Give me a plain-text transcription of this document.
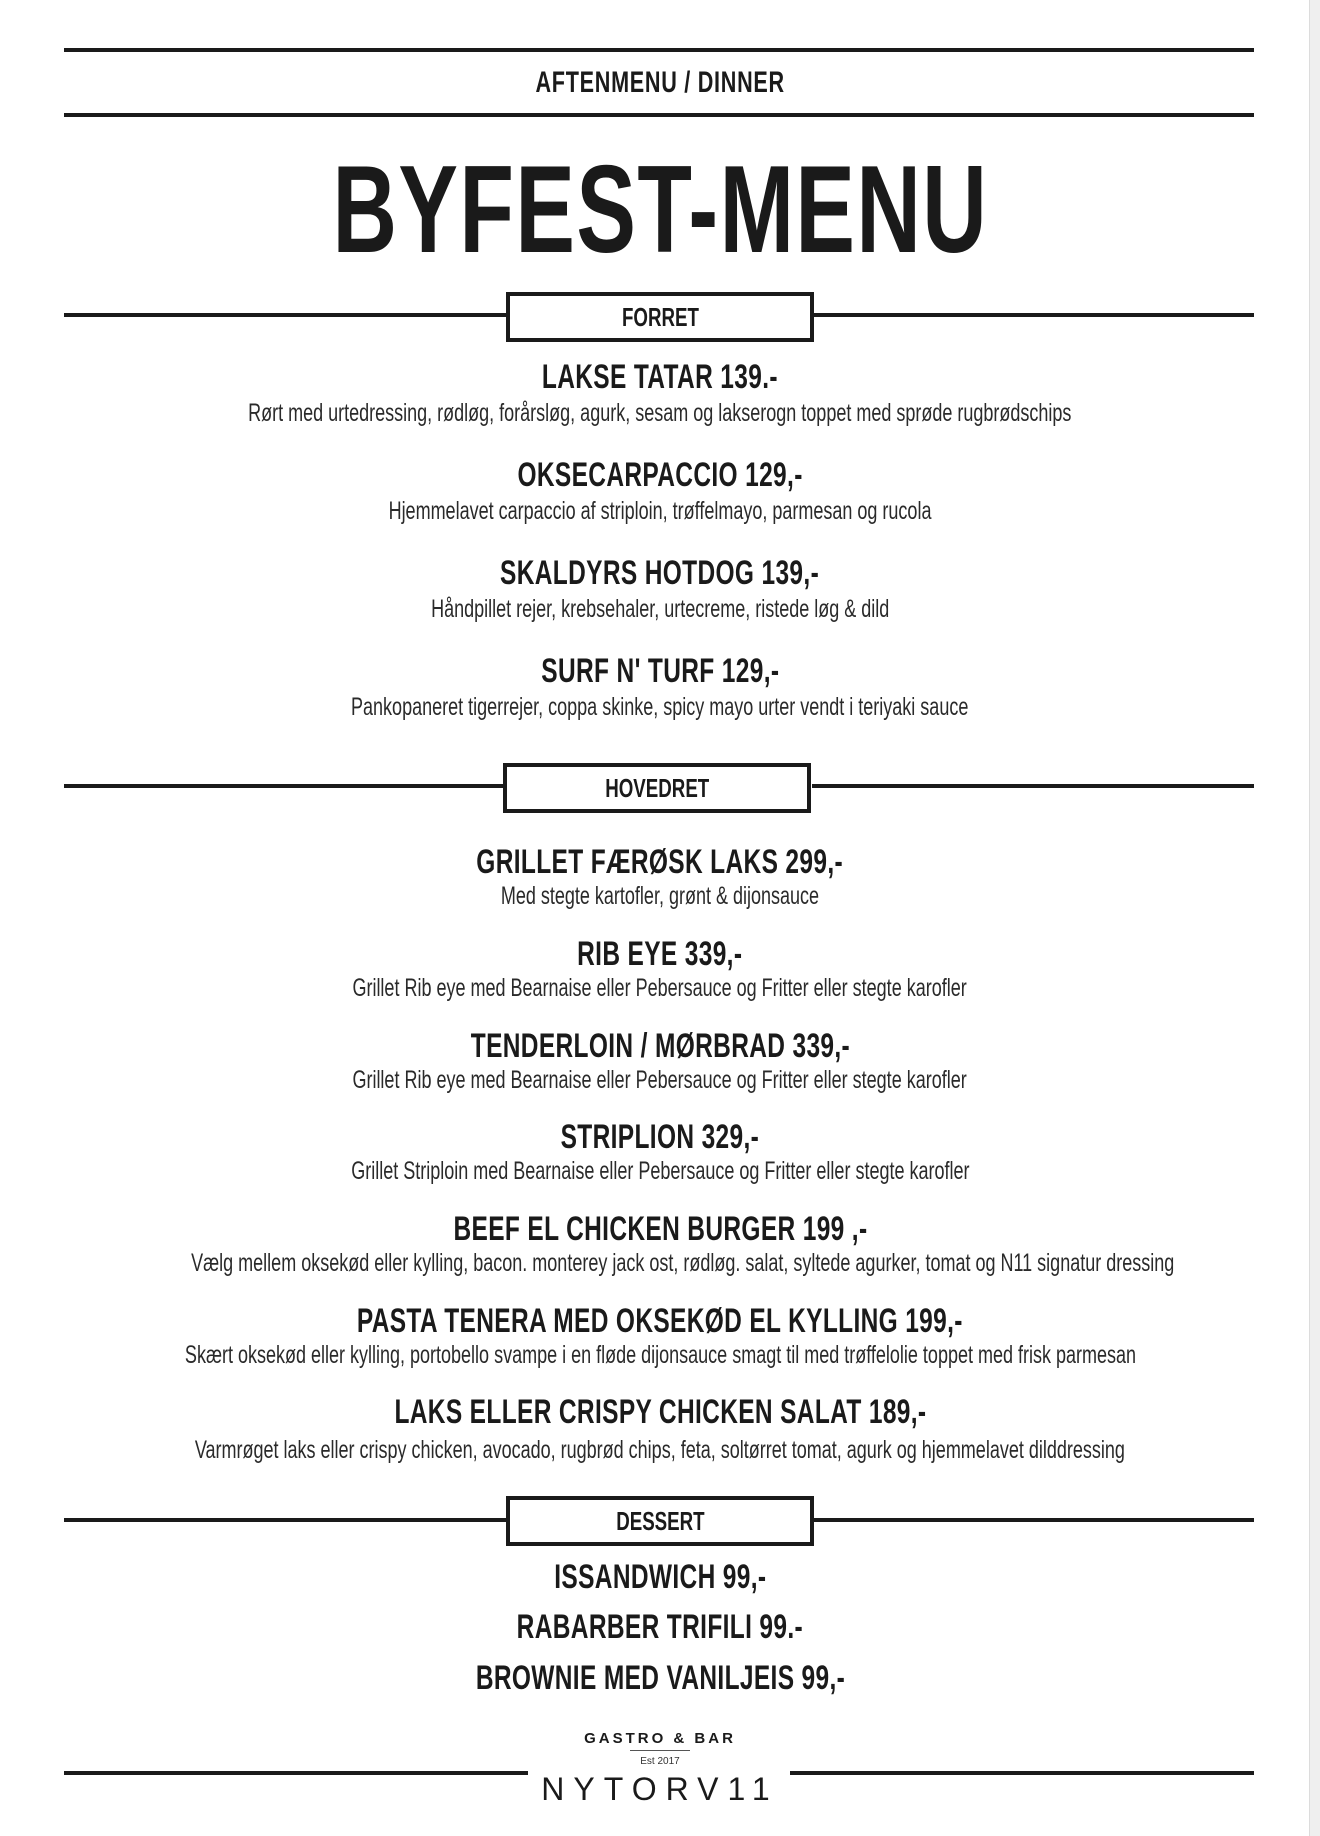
AFTENMENU / DINNER
BYFEST-MENU
FORRET
LAKSE TATAR 139.-
Rørt med urtedressing, rødløg, forårsløg, agurk, sesam og lakserogn toppet med sprøde rugbrødschips
OKSECARPACCIO 129,-
Hjemmelavet carpaccio af striploin, trøffelmayo, parmesan og rucola
SKALDYRS HOTDOG 139,-
Håndpillet rejer, krebsehaler, urtecreme, ristede løg & dild
SURF N' TURF 129,-
Pankopaneret tigerrejer, coppa skinke, spicy mayo urter vendt i teriyaki sauce
HOVEDRET
GRILLET FÆRØSK LAKS 299,-
Med stegte kartofler, grønt & dijonsauce
RIB EYE 339,-
Grillet Rib eye med Bearnaise eller Pebersauce og Fritter eller stegte karofler
TENDERLOIN / MØRBRAD 339,-
Grillet Rib eye med Bearnaise eller Pebersauce og Fritter eller stegte karofler
STRIPLION 329,-
Grillet Striploin med Bearnaise eller Pebersauce og Fritter eller stegte karofler
BEEF EL CHICKEN BURGER 199 ,-
Vælg mellem oksekød eller kylling, bacon. monterey jack ost, rødløg. salat, syltede agurker, tomat og N11 signatur dressing
PASTA TENERA MED OKSEKØD EL KYLLING 199,-
Skært oksekød eller kylling, portobello svampe i en fløde dijonsauce smagt til med trøffelolie toppet med frisk parmesan
LAKS ELLER CRISPY CHICKEN SALAT 189,-
Varmrøget laks eller crispy chicken, avocado, rugbrød chips, feta, soltørret tomat, agurk og hjemmelavet dilddressing
DESSERT
ISSANDWICH 99,-
RABARBER TRIFILI 99.-
BROWNIE MED VANILJEIS 99,-
GASTRO & BAR
Est 2017
NYTORV11
